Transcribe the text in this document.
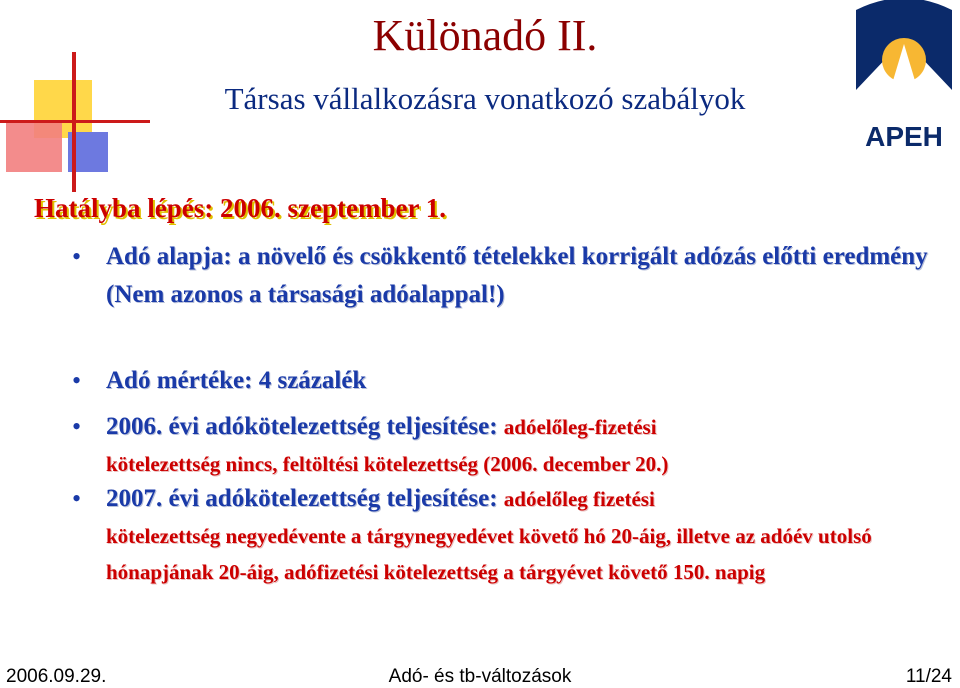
APEH
Különadó II.
Társas vállalkozásra vonatkozó szabályok
Hatályba lépés: 2006. szeptember 1.
• Adó alapja: a növelő és csökkentő tételekkel korrigált adózás előtti eredmény (Nem azonos a társasági adóalappal!)
• Adó mértéke: 4 százalék
• 2006. évi adókötelezettség teljesítése: adóelőleg-fizetési
kötelezettség nincs, feltöltési kötelezettség (2006. december 20.)
• 2007. évi adókötelezettség teljesítése: adóelőleg fizetési
kötelezettség negyedévente a tárgynegyedévet követő hó 20-áig, illetve az adóév utolsó hónapjának 20-áig, adófizetési kötelezettség a tárgyévet követő 150. napig
2006.09.29.	Adó- és tb-változások	11/24
